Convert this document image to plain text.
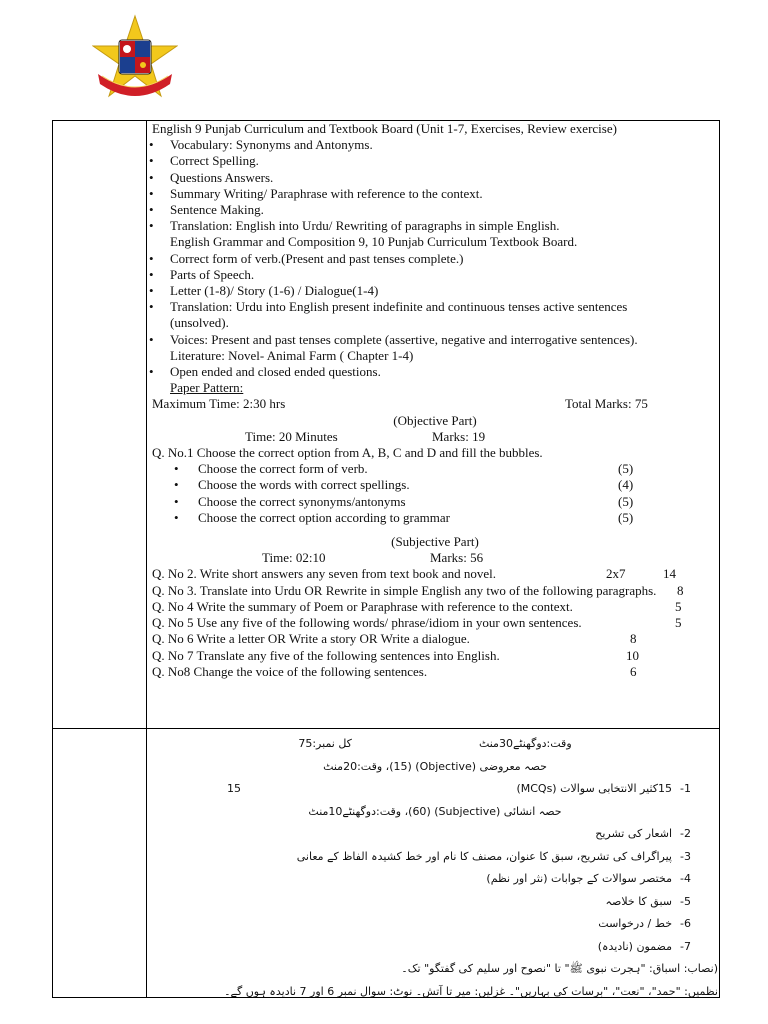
English 9 Punjab Curriculum and Textbook Board (Unit 1-7, Exercises, Review exercise)
• Vocabulary: Synonyms and Antonyms.
• Correct Spelling.
• Questions Answers.
• Summary Writing/ Paraphrase with reference to the context.
• Sentence Making.
• Translation: English into Urdu/ Rewriting of paragraphs in simple English.
English Grammar and Composition 9, 10 Punjab Curriculum Textbook Board.
• Correct form of verb.(Present and past tenses complete.)
• Parts of Speech.
• Letter (1-8)/ Story (1-6) / Dialogue(1-4)
• Translation: Urdu into English present indefinite and continuous tenses active sentences
(unsolved).
• Voices: Present and past tenses complete (assertive, negative and interrogative sentences).
Literature: Novel- Animal Farm ( Chapter 1-4)
• Open ended and closed ended questions.
Paper Pattern:
Maximum Time: 2:30 hrs	Total Marks: 75
(Objective Part)
Time: 20 Minutes	Marks: 19

Q. No.1 Choose the correct option from A, B, C and D and fill the bubbles.
• Choose the correct form of verb.	(5)
• Choose the words with correct spellings.	(4)
• Choose the correct synonyms/antonyms	(5)
• Choose the correct option according to grammar	(5)
(Subjective Part)
Time: 02:10	Marks: 56

Q. No 2. Write short answers any seven from text book and novel.	2x7	14
Q. No 3. Translate into Urdu OR Rewrite in simple English any two of the following paragraphs. 8
Q. No 4 Write the summary of Poem or Paraphrase with reference to the context.	5
Q. No 5 Use any five of the following words/ phrase/idiom in your own sentences.	5
Q. No 6 Write a letter OR Write a story OR Write a dialogue.	8
Q. No 7 Translate any five of the following sentences into English.	10
Q. No8 Change the voice of the following sentences.	6
وقت:دوگھنٹے30منٹ  کل نمبر:75
حصہ معروضی (Objective) (15)، وقت:20منٹ
-1
15کثیر الانتخابی سوالات (MCQs)
15
حصہ انشائی (Subjective) (60)، وقت:دوگھنٹے10منٹ
-2
اشعار کی تشریح
-3
پیراگراف کی تشریح، سبق کا عنوان، مصنف کا نام اور خط کشیدہ الفاظ کے معانی
-4
مختصر سوالات کے جوابات (نثر اور نظم)
-5
سبق کا خلاصہ
-6
خط / درخواست
-7
مضمون (نادیدہ)
(نصاب: اسباق: "ہجرت نبوی ﷺ" تا "نصوح اور سلیم کی گفتگو" تک۔
نظمیں: "حمد"، "نعت"، "برسات کی بہاریں"۔ غزلیں: میر تا آتش۔ نوٹ: سوال نمبر 6 اور 7 نادیدہ ہوں گے۔
